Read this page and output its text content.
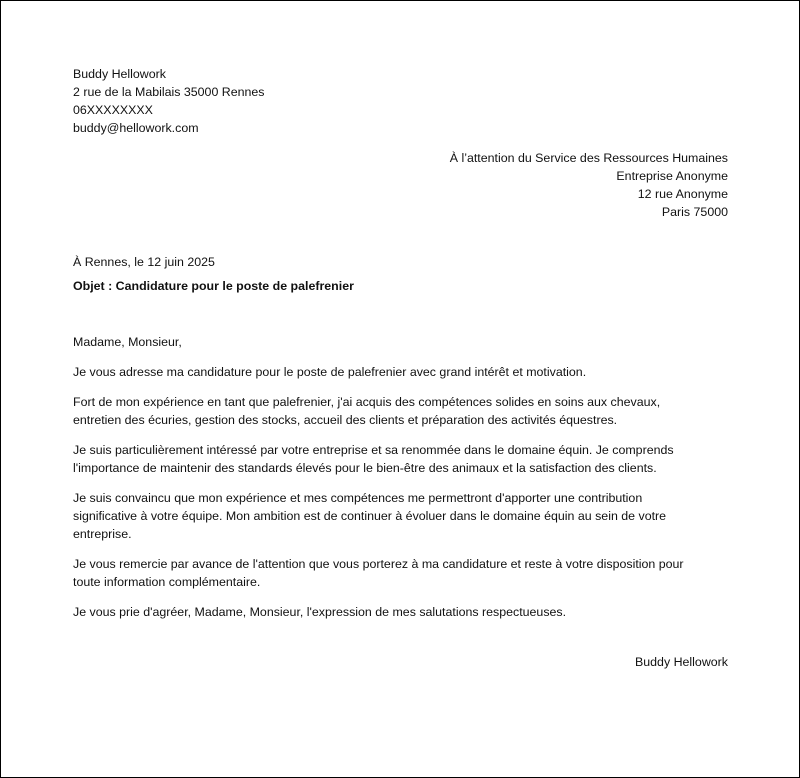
Buddy Hellowork
2 rue de la Mabilais 35000 Rennes
06XXXXXXXX
buddy@hellowork.com
À l’attention du Service des Ressources Humaines
Entreprise Anonyme
12 rue Anonyme
Paris 75000
À Rennes, le 12 juin 2025
Objet : Candidature pour le poste de palefrenier
Madame, Monsieur,
Je vous adresse ma candidature pour le poste de palefrenier avec grand intérêt et motivation.
Fort de mon expérience en tant que palefrenier, j'ai acquis des compétences solides en soins aux chevaux,
entretien des écuries, gestion des stocks, accueil des clients et préparation des activités équestres.
Je suis particulièrement intéressé par votre entreprise et sa renommée dans le domaine équin. Je comprends
l'importance de maintenir des standards élevés pour le bien-être des animaux et la satisfaction des clients.
Je suis convaincu que mon expérience et mes compétences me permettront d'apporter une contribution
significative à votre équipe. Mon ambition est de continuer à évoluer dans le domaine équin au sein de votre
entreprise.
Je vous remercie par avance de l'attention que vous porterez à ma candidature et reste à votre disposition pour
toute information complémentaire.
Je vous prie d'agréer, Madame, Monsieur, l'expression de mes salutations respectueuses.
Buddy Hellowork
